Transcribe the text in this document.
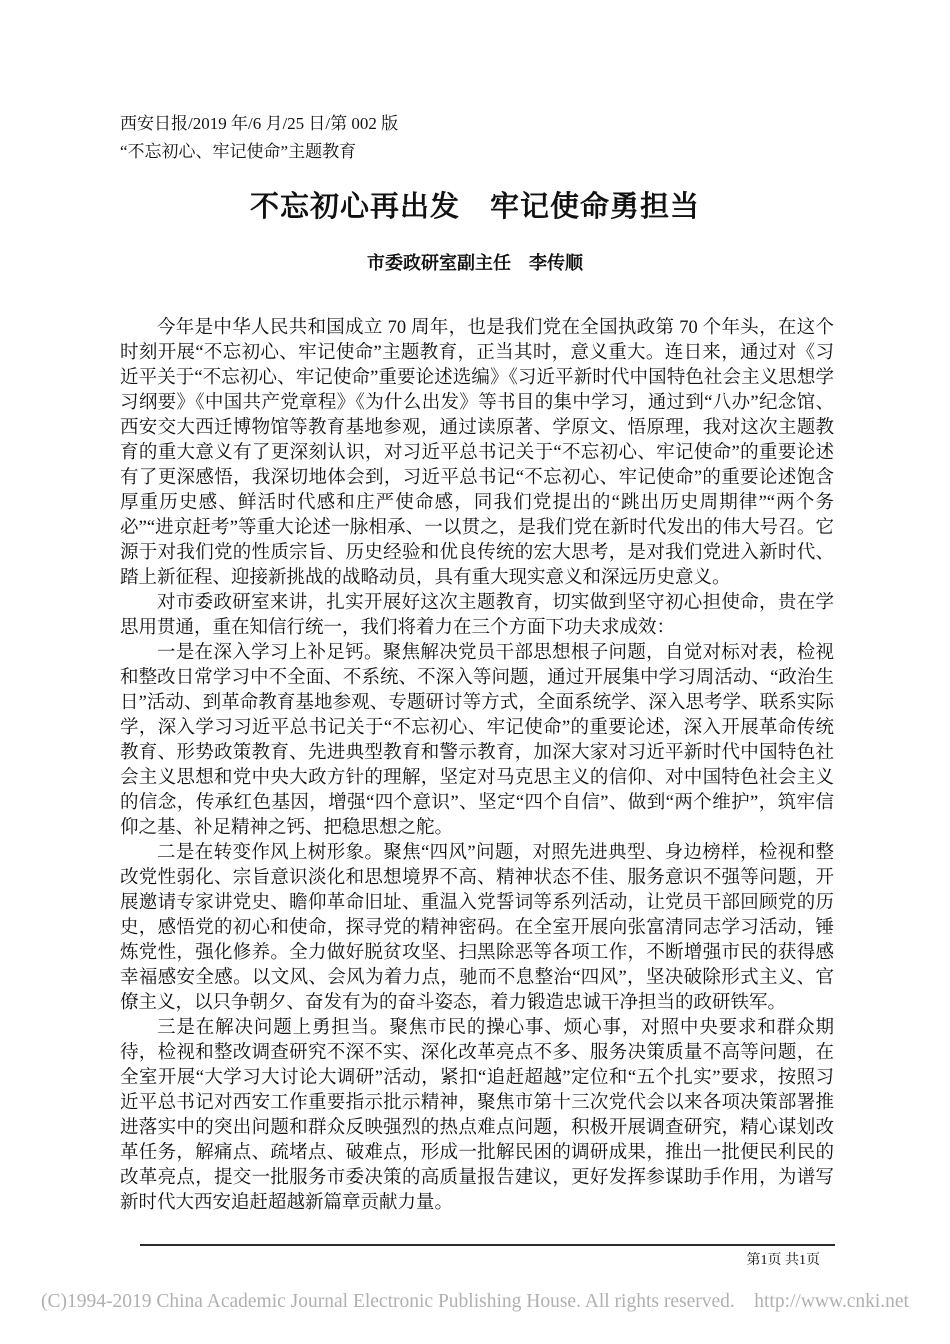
西安日报/2019 年/6 月/25 日/第 002 版
“不忘初心、牢记使命”主题教育
不忘初心再出发　牢记使命勇担当
市委政研室副主任　李传顺

今年是中华人民共和国成立 70 周年，也是我们党在全国执政第 70 个年头，在这个时刻开展“不忘初心、牢记使命”主题教育，正当其时，意义重大。连日来，通过对《习近平关于“不忘初心、牢记使命”重要论述选编》《习近平新时代中国特色社会主义思想学习纲要》《中国共产党章程》《为什么出发》等书目的集中学习，通过到“八办”纪念馆、西安交大西迁博物馆等教育基地参观，通过读原著、学原文、悟原理，我对这次主题教育的重大意义有了更深刻认识，对习近平总书记关于“不忘初心、牢记使命”的重要论述有了更深感悟，我深切地体会到，习近平总书记“不忘初心、牢记使命”的重要论述饱含厚重历史感、鲜活时代感和庄严使命感，同我们党提出的“跳出历史周期律”“两个务必”“进京赶考”等重大论述一脉相承、一以贯之，是我们党在新时代发出的伟大号召。它源于对我们党的性质宗旨、历史经验和优良传统的宏大思考，是对我们党进入新时代、踏上新征程、迎接新挑战的战略动员，具有重大现实意义和深远历史意义。

对市委政研室来讲，扎实开展好这次主题教育，切实做到坚守初心担使命，贵在学思用贯通，重在知信行统一，我们将着力在三个方面下功夫求成效：

一是在深入学习上补足钙。聚焦解决党员干部思想根子问题，自觉对标对表，检视和整改日常学习中不全面、不系统、不深入等问题，通过开展集中学习周活动、“政治生日”活动、到革命教育基地参观、专题研讨等方式，全面系统学、深入思考学、联系实际学，深入学习习近平总书记关于“不忘初心、牢记使命”的重要论述，深入开展革命传统教育、形势政策教育、先进典型教育和警示教育，加深大家对习近平新时代中国特色社会主义思想和党中央大政方针的理解，坚定对马克思主义的信仰、对中国特色社会主义的信念，传承红色基因，增强“四个意识”、坚定“四个自信”、做到“两个维护”，筑牢信仰之基、补足精神之钙、把稳思想之舵。

二是在转变作风上树形象。聚焦“四风”问题，对照先进典型、身边榜样，检视和整改党性弱化、宗旨意识淡化和思想境界不高、精神状态不佳、服务意识不强等问题，开展邀请专家讲党史、瞻仰革命旧址、重温入党誓词等系列活动，让党员干部回顾党的历史，感悟党的初心和使命，探寻党的精神密码。在全室开展向张富清同志学习活动，锤炼党性，强化修养。全力做好脱贫攻坚、扫黑除恶等各项工作，不断增强市民的获得感幸福感安全感。以文风、会风为着力点，驰而不息整治“四风”，坚决破除形式主义、官僚主义，以只争朝夕、奋发有为的奋斗姿态，着力锻造忠诚干净担当的政研铁军。

三是在解决问题上勇担当。聚焦市民的操心事、烦心事，对照中央要求和群众期待，检视和整改调查研究不深不实、深化改革亮点不多、服务决策质量不高等问题，在全室开展“大学习大讨论大调研”活动，紧扣“追赶超越”定位和“五个扎实”要求，按照习近平总书记对西安工作重要指示批示精神，聚焦市第十三次党代会以来各项决策部署推进落实中的突出问题和群众反映强烈的热点难点问题，积极开展调查研究，精心谋划改革任务，解痛点、疏堵点、破难点，形成一批解民困的调研成果，推出一批便民利民的改革亮点，提交一批服务市委决策的高质量报告建议，更好发挥参谋助手作用，为谱写新时代大西安追赶超越新篇章贡献力量。

第1页 共1页
(C)1994-2019 China Academic Journal Electronic Publishing House. All rights reserved.    http://www.cnki.net
